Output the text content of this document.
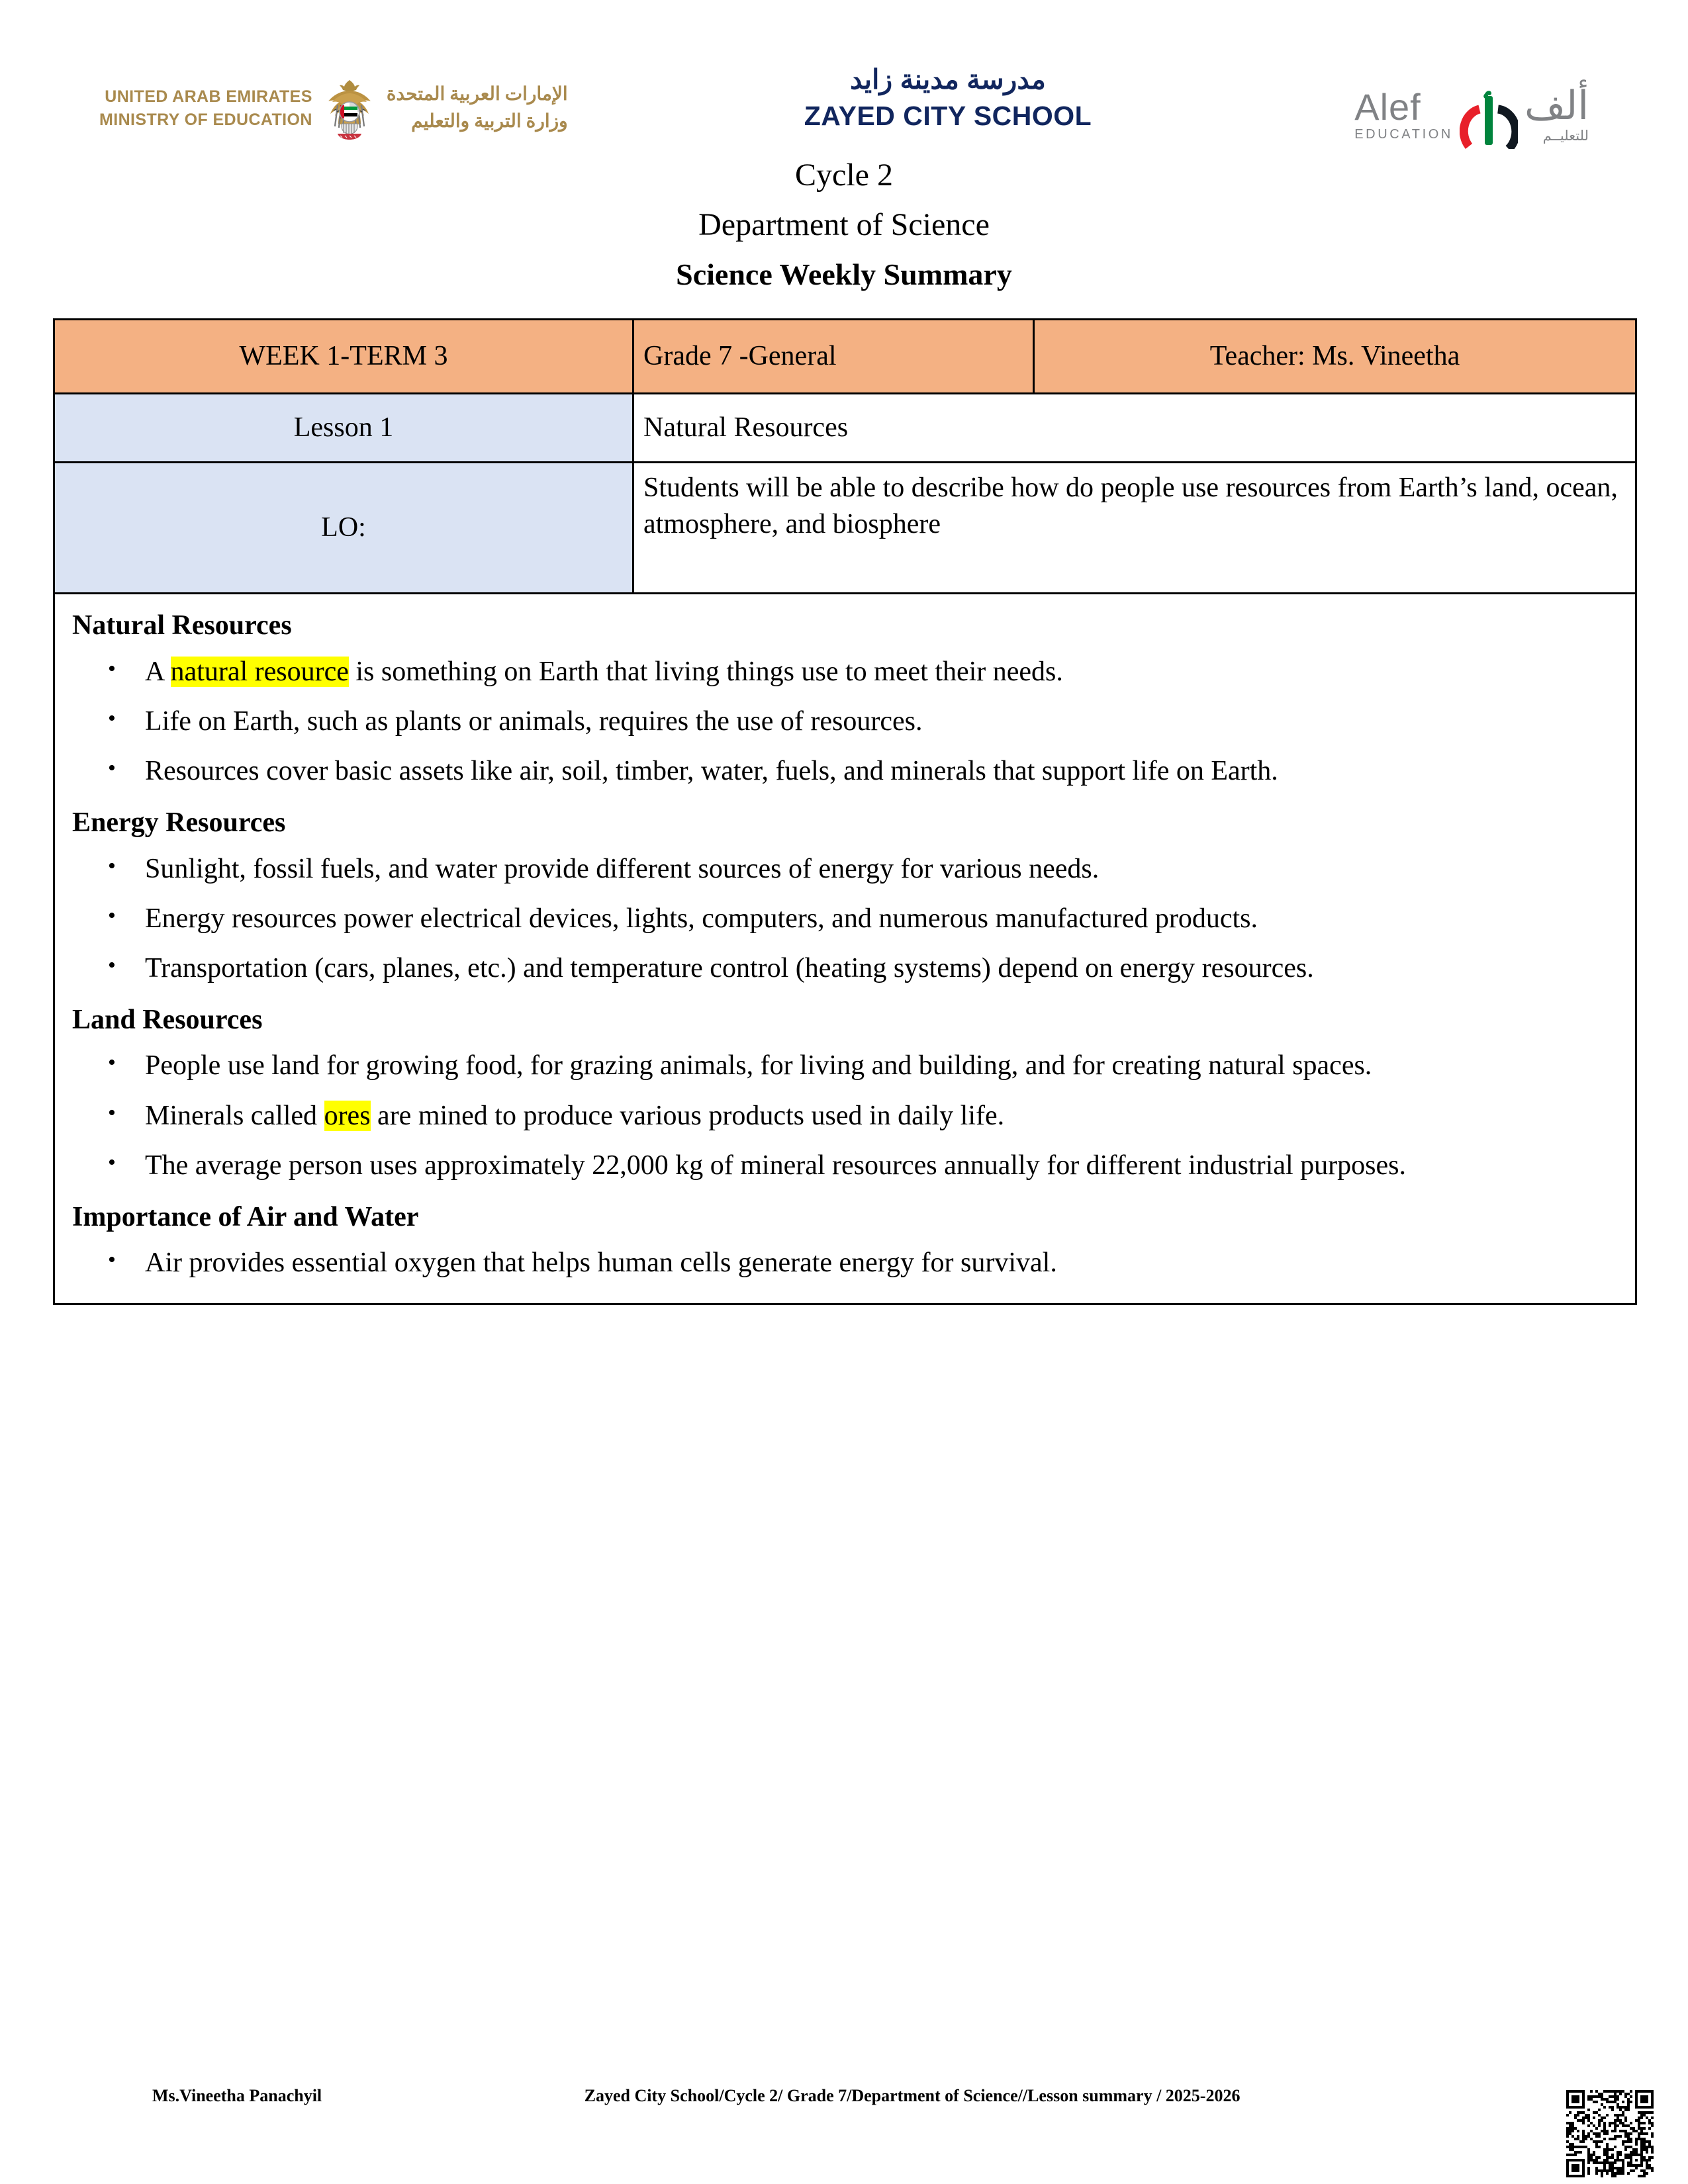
UNITED ARAB EMIRATES
MINISTRY OF EDUCATION
الإمارات العربية المتحدة
وزارة التربية والتعليم
مدرسة مدينة زايد
ZAYED CITY SCHOOL	Alef
EDUCATION
ألف
للتعليــم
Cycle 2
Department of Science
Science Weekly Summary
WEEK 1-TERM 3	Grade 7 -General	Teacher: Ms. Vineetha
Lesson 1	Natural Resources	
LO:	Students will be able to describe how do people use resources from Earth’s land, ocean, atmosphere, and biosphere	

Natural Resources
• A natural resource is something on Earth that living things use to meet their needs.
• Life on Earth, such as plants or animals, requires the use of resources.
• Resources cover basic assets like air, soil, timber, water, fuels, and minerals that support life on Earth.
Energy Resources
• Sunlight, fossil fuels, and water provide different sources of energy for various needs.
• Energy resources power electrical devices, lights, computers, and numerous manufactured products.
• Transportation (cars, planes, etc.) and temperature control (heating systems) depend on energy resources.
Land Resources
• People use land for growing food, for grazing animals, for living and building, and for creating natural spaces.
• Minerals called ores are mined to produce various products used in daily life.
• The average person uses approximately 22,000 kg of mineral resources annually for different industrial purposes.
Importance of Air and Water
• Air provides essential oxygen that helps human cells generate energy for survival.
Ms.Vineetha Panachyil	Zayed City School/Cycle 2/ Grade 7/Department of Science//Lesson summary / 2025-2026
